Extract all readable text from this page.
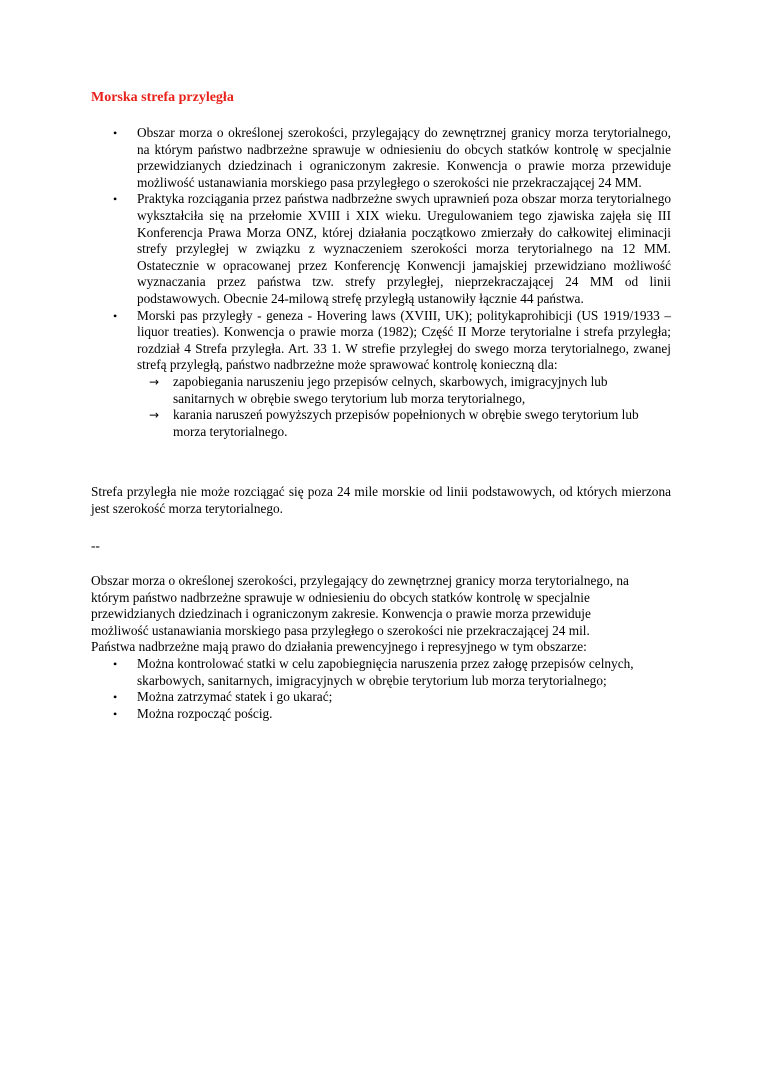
Morska strefa przyległa
• Obszar morza o określonej szerokości, przylegający do zewnętrznej granicy morza terytorialnego, na którym państwo nadbrzeżne sprawuje w odniesieniu do obcych statków kontrolę w specjalnie przewidzianych dziedzinach i ograniczonym zakresie. Konwencja o prawie morza przewiduje możliwość ustanawiania morskiego pasa przyległego o szerokości nie przekraczającej 24 MM.
• Praktyka rozciągania przez państwa nadbrzeżne swych uprawnień poza obszar morza terytorialnego wykształciła się na przełomie XVIII i XIX wieku. Uregulowaniem tego zjawiska zajęła się III Konferencja Prawa Morza ONZ, której działania początkowo zmierzały do całkowitej eliminacji strefy przyległej w związku z wyznaczeniem szerokości morza terytorialnego na 12 MM. Ostatecznie w opracowanej przez Konferencję Konwencji jamajskiej przewidziano możliwość wyznaczania przez państwa tzw. strefy przyległej, nieprzekraczającej 24 MM od linii podstawowych. Obecnie 24-milową strefę przyległą ustanowiły łącznie 44 państwa.
• Morski pas przyległy - geneza - Hovering laws (XVIII, UK); politykaprohibicji (US 1919/1933 – liquor treaties). Konwencja o prawie morza (1982); Część II Morze terytorialne i strefa przyległa; rozdział 4 Strefa przyległa. Art. 33 1. W strefie przyległej do swego morza terytorialnego, zwanej strefą przyległą, państwo nadbrzeżne może sprawować kontrolę konieczną dla:
→ zapobiegania naruszeniu jego przepisów celnych, skarbowych, imigracyjnych lub sanitarnych w obrębie swego terytorium lub morza terytorialnego,
→ karania naruszeń powyższych przepisów popełnionych w obrębie swego terytorium lub morza terytorialnego.
Strefa przyległa nie może rozciągać się poza 24 mile morskie od linii podstawowych, od których mierzona jest szerokość morza terytorialnego.
--
Obszar morza o określonej szerokości, przylegający do zewnętrznej granicy morza terytorialnego, na
którym państwo nadbrzeżne sprawuje w odniesieniu do obcych statków kontrolę w specjalnie
przewidzianych dziedzinach i ograniczonym zakresie. Konwencja o prawie morza przewiduje
możliwość ustanawiania morskiego pasa przyległego o szerokości nie przekraczającej 24 mil.
Państwa nadbrzeżne mają prawo do działania prewencyjnego i represyjnego w tym obszarze:
• Można kontrolować statki w celu zapobiegnięcia naruszenia przez załogę przepisów celnych, skarbowych, sanitarnych, imigracyjnych w obrębie terytorium lub morza terytorialnego;
• Można zatrzymać statek i go ukarać;
• Można rozpocząć pościg.
